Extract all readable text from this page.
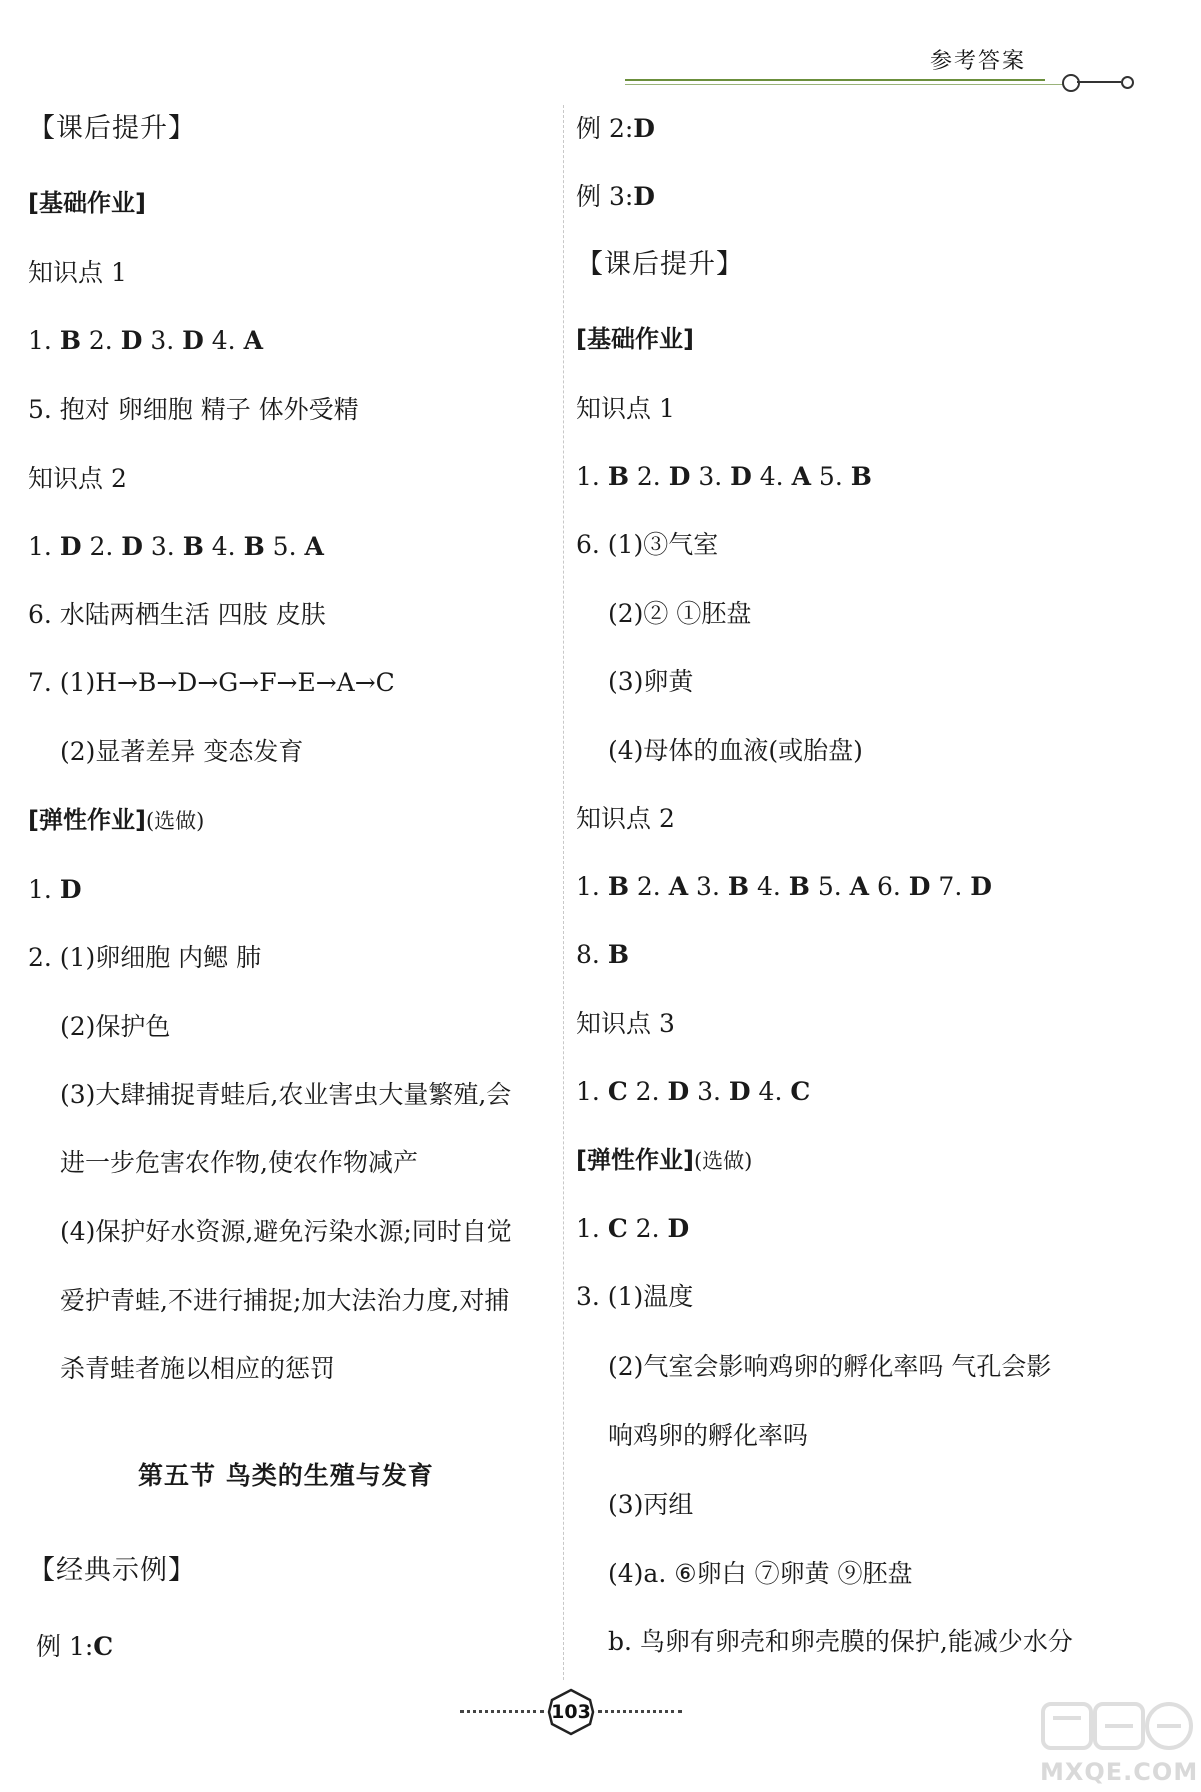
参考答案
【课后提升】
[基础作业]
知识点 1
1. B 2. D 3. D 4. A
5. 抱对 卵细胞 精子 体外受精
知识点 2
1. D 2. D 3. B 4. B 5. A
6. 水陆两栖生活 四肢 皮肤
7. (1)H→B→D→G→F→E→A→C
(2)显著差异 变态发育
[弹性作业](选做)
1. D
2. (1)卵细胞 内鳃 肺
(2)保护色
(3)大肆捕捉青蛙后,农业害虫大量繁殖,会
进一步危害农作物,使农作物减产
(4)保护好水资源,避免污染水源;同时自觉
爱护青蛙,不进行捕捉;加大法治力度,对捕
杀青蛙者施以相应的惩罚
第五节 鸟类的生殖与发育
【经典示例】
例 1:C
例 2:D
例 3:D
【课后提升】
[基础作业]
知识点 1
1. B 2. D 3. D 4. A 5. B
6. (1)③气室
(2)② ①胚盘
(3)卵黄
(4)母体的血液(或胎盘)
知识点 2
1. B 2. A 3. B 4. B 5. A 6. D 7. D
8. B
知识点 3
1. C 2. D 3. D 4. C
[弹性作业](选做)
1. C 2. D
3. (1)温度
(2)气室会影响鸡卵的孵化率吗 气孔会影
响鸡卵的孵化率吗
(3)丙组
(4)a. ⑥卵白 ⑦卵黄 ⑨胚盘
b. 鸟卵有卵壳和卵壳膜的保护,能减少水分
103
MXQE.COM
